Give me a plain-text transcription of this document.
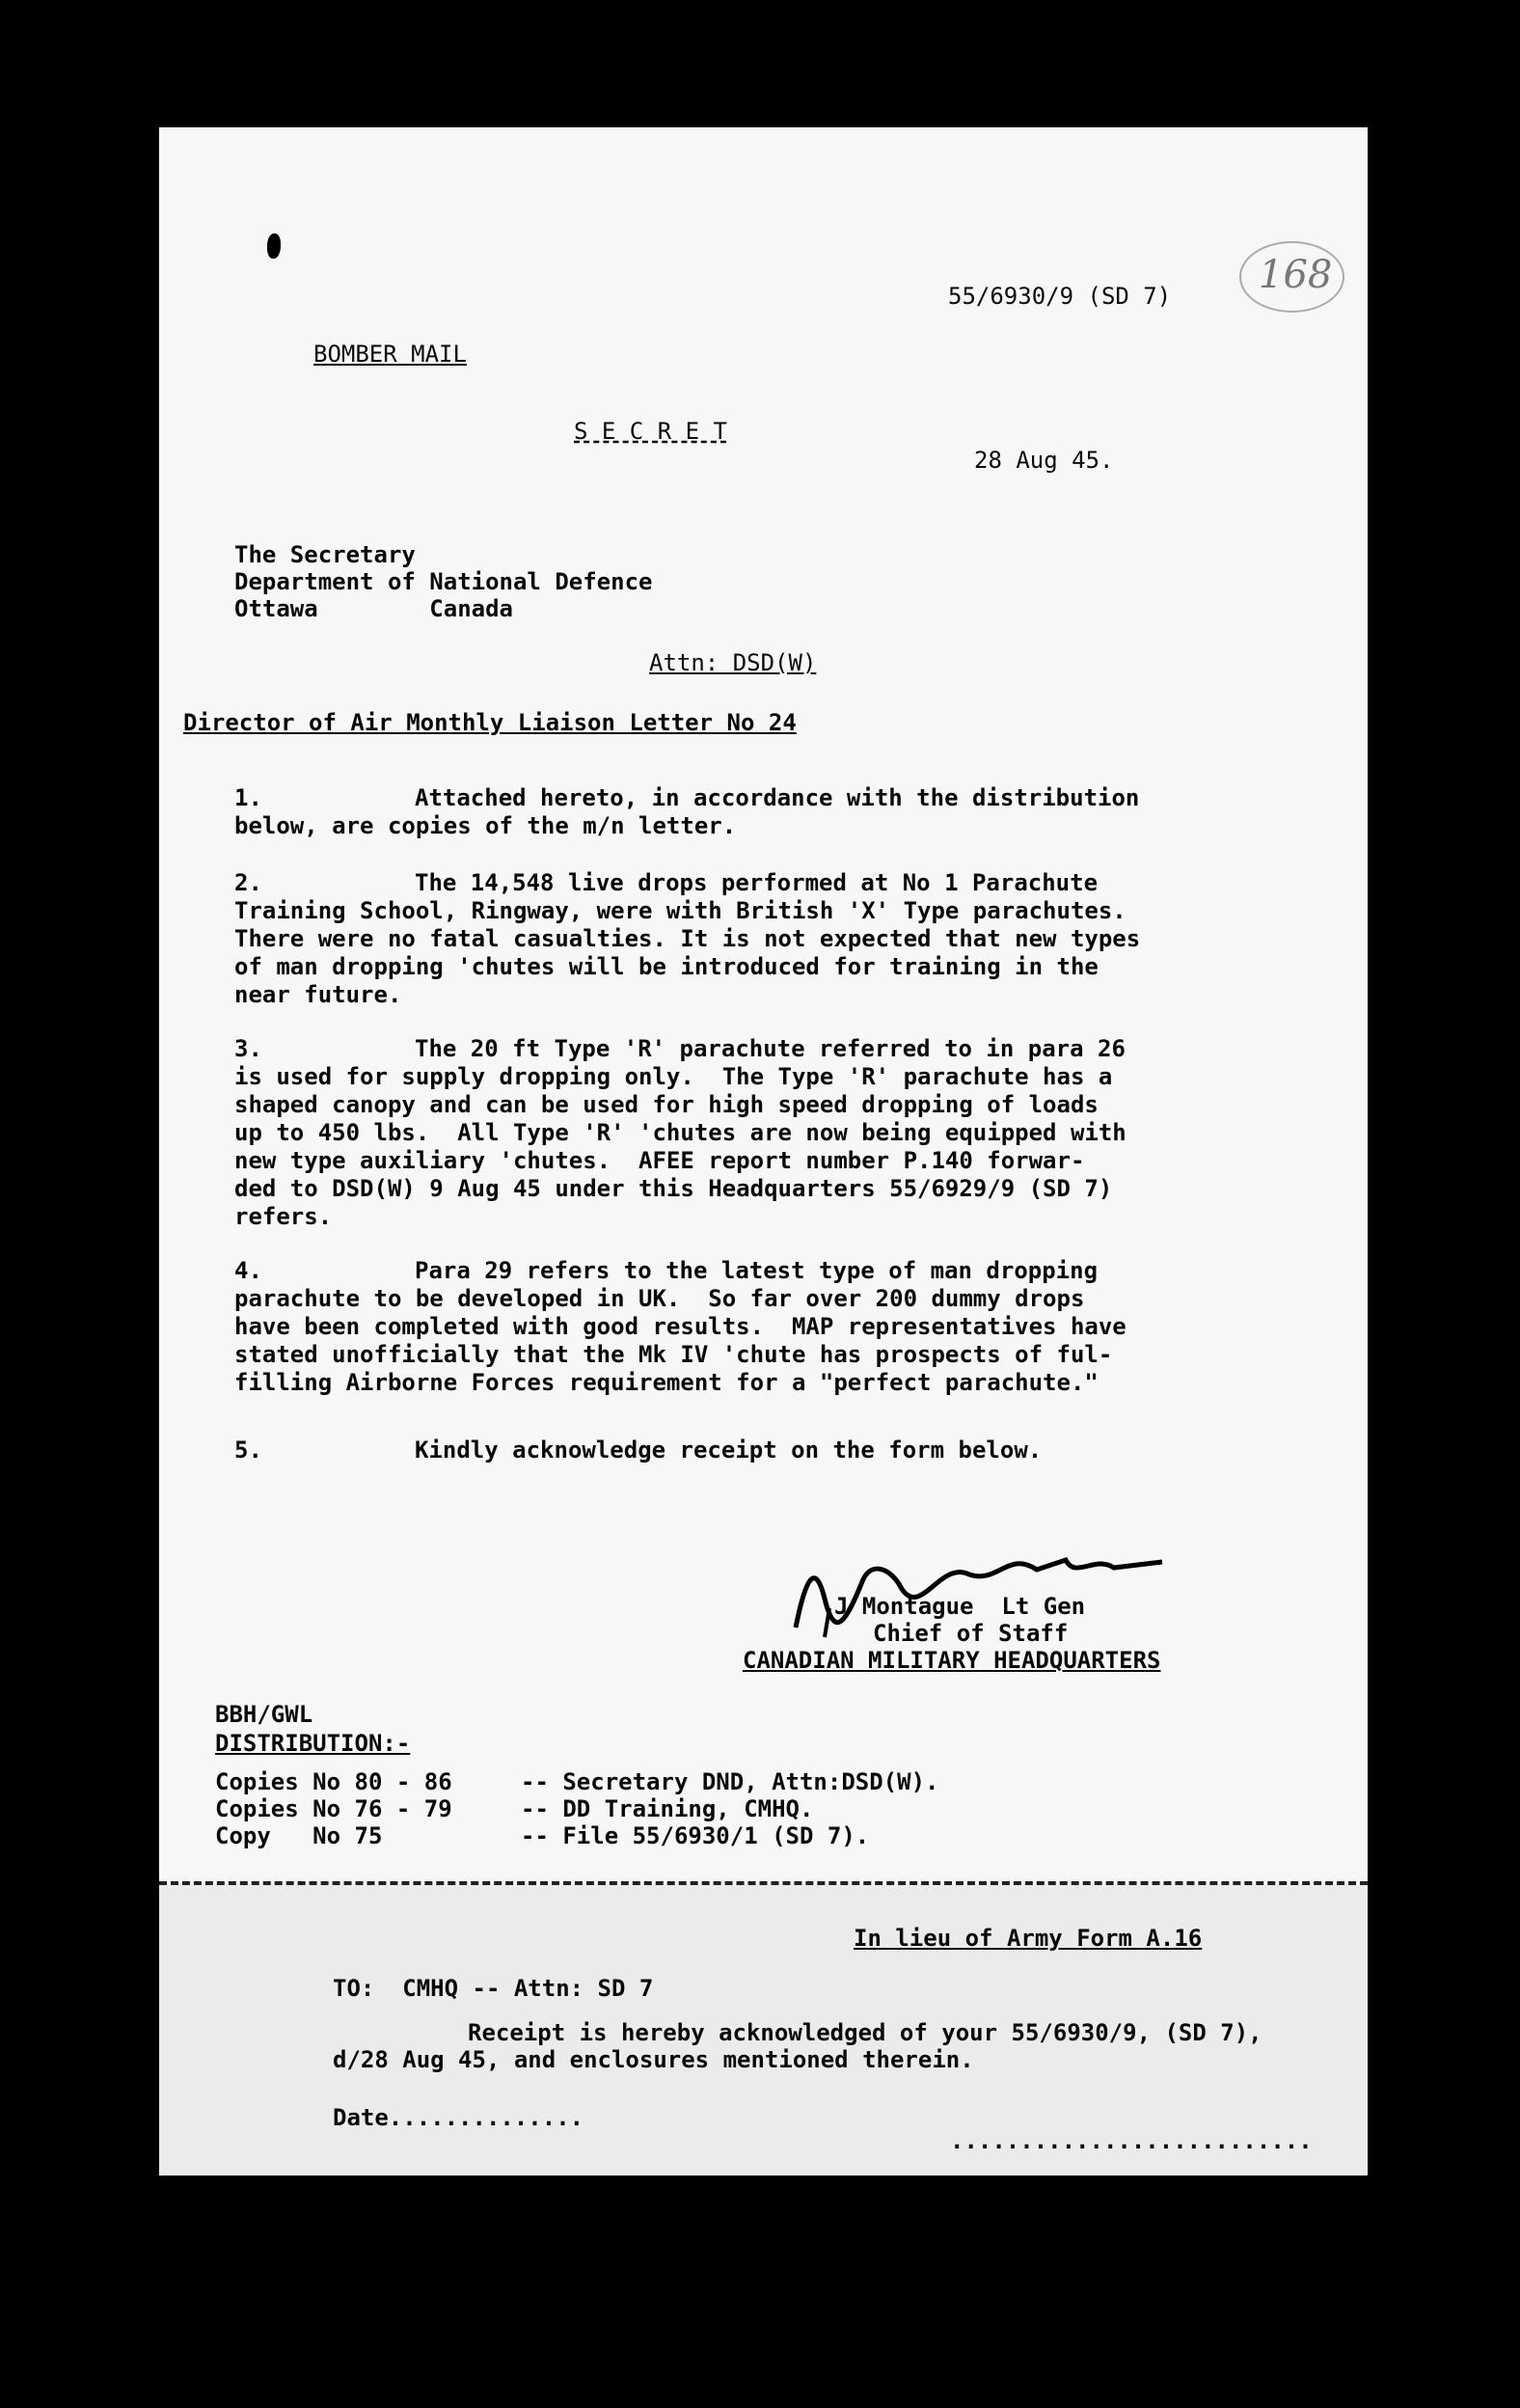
168
55/6930/9 (SD 7)
BOMBER MAIL
S E C R E T
28 Aug 45.
The Secretary
Department of National Defence
Ottawa        Canada
Attn: DSD(W)
Director of Air Monthly Liaison Letter No 24
1.	Attached hereto, in accordance with the distribution
below, are copies of the m/n letter.
2.	The 14,548 live drops performed at No 1 Parachute
Training School, Ringway, were with British 'X' Type parachutes.
There were no fatal casualties. It is not expected that new types
of man dropping 'chutes will be introduced for training in the
near future.
3.	The 20 ft Type 'R' parachute referred to in para 26
is used for supply dropping only.  The Type 'R' parachute has a
shaped canopy and can be used for high speed dropping of loads
up to 450 lbs.  All Type 'R' 'chutes are now being equipped with
new type auxiliary 'chutes.  AFEE report number P.140 forwar-
ded to DSD(W) 9 Aug 45 under this Headquarters 55/6929/9 (SD 7)
refers.
4.	Para 29 refers to the latest type of man dropping
parachute to be developed in UK.  So far over 200 dummy drops
have been completed with good results.  MAP representatives have
stated unofficially that the Mk IV 'chute has prospects of ful-
filling Airborne Forces requirement for a "perfect parachute."
5.	Kindly acknowledge receipt on the form below.
J Montague  Lt Gen
Chief of Staff
CANADIAN MILITARY HEADQUARTERS
BBH/GWL
DISTRIBUTION:-
Copies No 80 - 86	-- Secretary DND, Attn:DSD(W).
Copies No 76 - 79	-- DD Training, CMHQ.
Copy   No 75	-- File 55/6930/1 (SD 7).
In lieu of Army Form A.16
TO:  CMHQ -- Attn: SD 7
Receipt is hereby acknowledged of your 55/6930/9, (SD 7),
d/28 Aug 45, and enclosures mentioned therein.
Date..............
..........................
